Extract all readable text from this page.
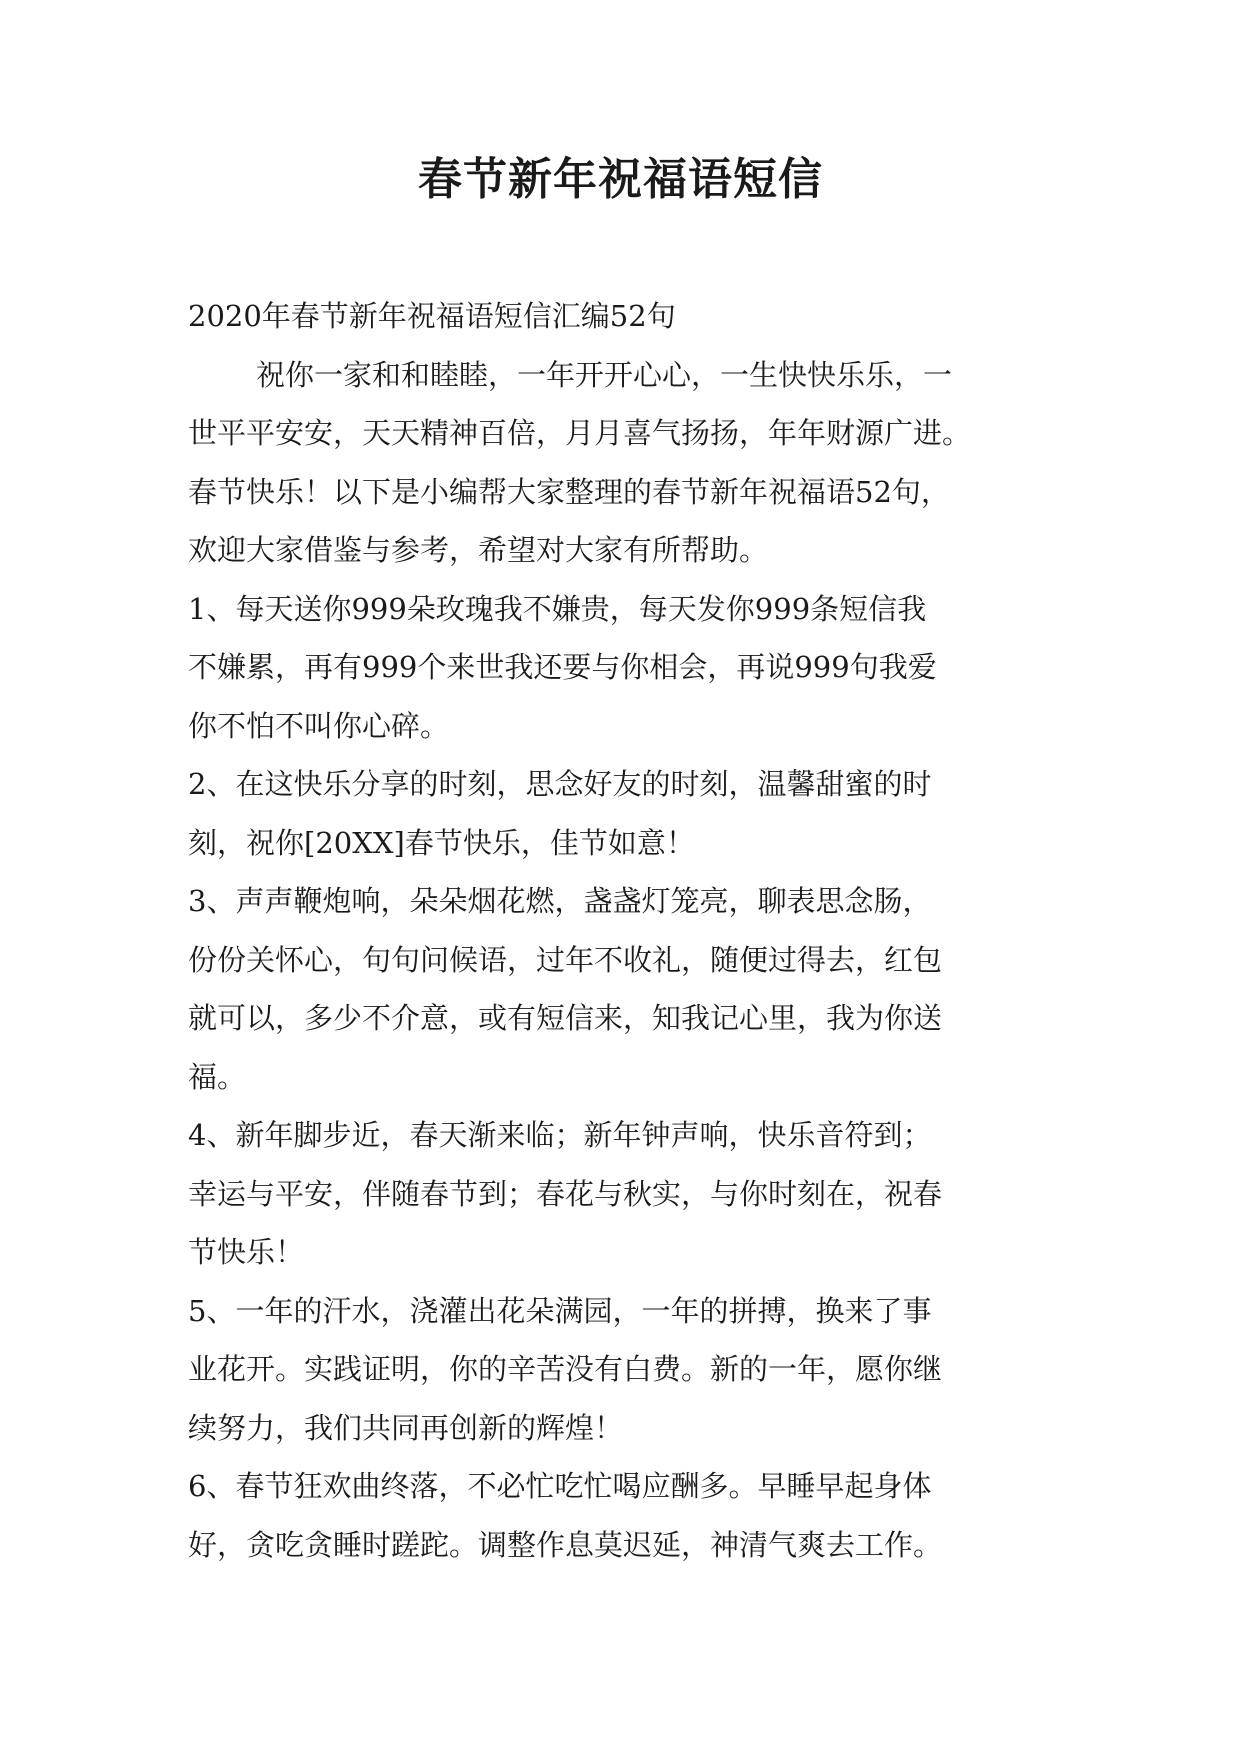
春节新年祝福语短信
2020年春节新年祝福语短信汇编52句
祝你一家和和睦睦，一年开开心心，一生快快乐乐，一
世平平安安，天天精神百倍，月月喜气扬扬，年年财源广进。
春节快乐！以下是小编帮大家整理的春节新年祝福语52句，
欢迎大家借鉴与参考，希望对大家有所帮助。
1、每天送你999朵玫瑰我不嫌贵，每天发你999条短信我
不嫌累，再有999个来世我还要与你相会，再说999句我爱
你不怕不叫你心碎。
2、在这快乐分享的时刻，思念好友的时刻，温馨甜蜜的时
刻，祝你[20XX]春节快乐，佳节如意！
3、声声鞭炮响，朵朵烟花燃，盏盏灯笼亮，聊表思念肠，
份份关怀心，句句问候语，过年不收礼，随便过得去，红包
就可以，多少不介意，或有短信来，知我记心里，我为你送
福。
4、新年脚步近，春天渐来临；新年钟声响，快乐音符到；
幸运与平安，伴随春节到；春花与秋实，与你时刻在，祝春
节快乐！
5、一年的汗水，浇灌出花朵满园，一年的拼搏，换来了事
业花开。实践证明，你的辛苦没有白费。新的一年，愿你继
续努力，我们共同再创新的辉煌！
6、春节狂欢曲终落，不必忙吃忙喝应酬多。早睡早起身体
好，贪吃贪睡时蹉跎。调整作息莫迟延，神清气爽去工作。
